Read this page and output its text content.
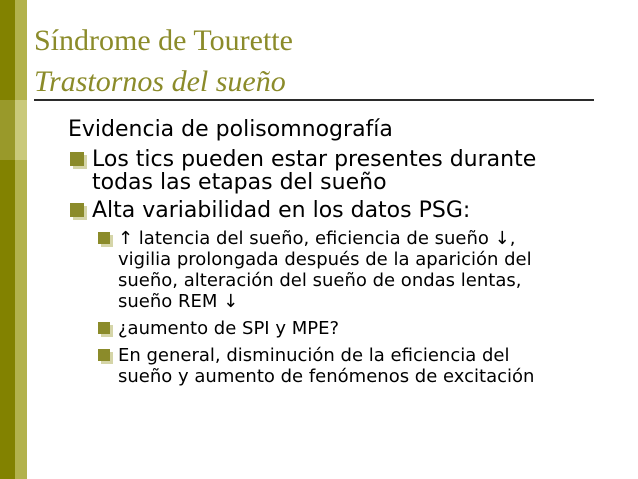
Síndrome de Tourette
Trastornos del sueño
Evidencia de polisomnografía
Los tics pueden estar presentes durante
todas las etapas del sueño
Alta variabilidad en los datos PSG:
↑ latencia del sueño, eficiencia de sueño ↓,
vigilia prolongada después de la aparición del
sueño, alteración del sueño de ondas lentas,
sueño REM ↓
¿aumento de SPI y MPE?
En general, disminución de la eficiencia del
sueño y aumento de fenómenos de excitación
